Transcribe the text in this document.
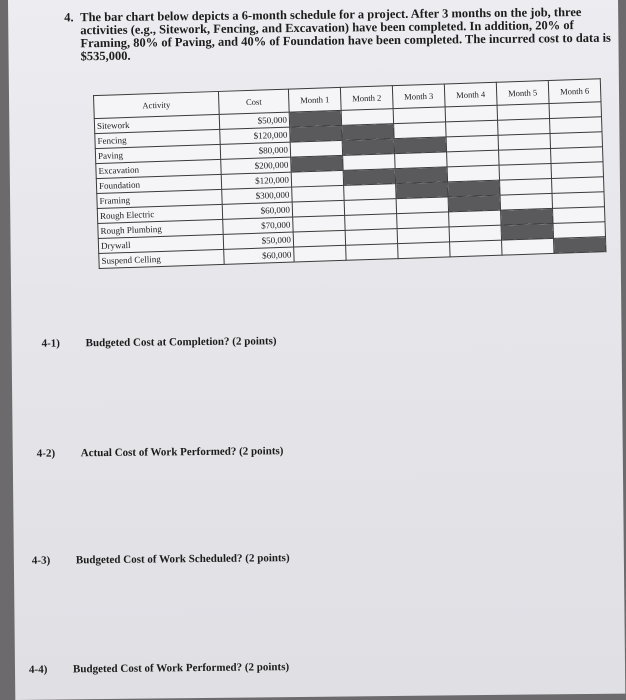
4. The bar chart below depicts a 6-month schedule for a project. After 3 months on the job, three activities (e.g., Sitework, Fencing, and Excavation) have been completed. In addition, 20% of Framing, 80% of Paving, and 40% of Foundation have been completed. The incurred cost to data is $535,000.
Activity	Cost	Month 1	Month 2	Month 3	Month 4	Month 5	Month 6
Sitework	$50,000						
Fencing	$120,000						
Paving	$80,000						
Excavation	$200,000						
Foundation	$120,000						
Framing	$300,000						
Rough Electric	$60,000						
Rough Plumbing	$70,000						
Drywall	$50,000						
Suspend Celling	$60,000						
4-1) Budgeted Cost at Completion? (2 points)
4-2) Actual Cost of Work Performed? (2 points)
4-3) Budgeted Cost of Work Scheduled? (2 points)
4-4) Budgeted Cost of Work Performed? (2 points)
